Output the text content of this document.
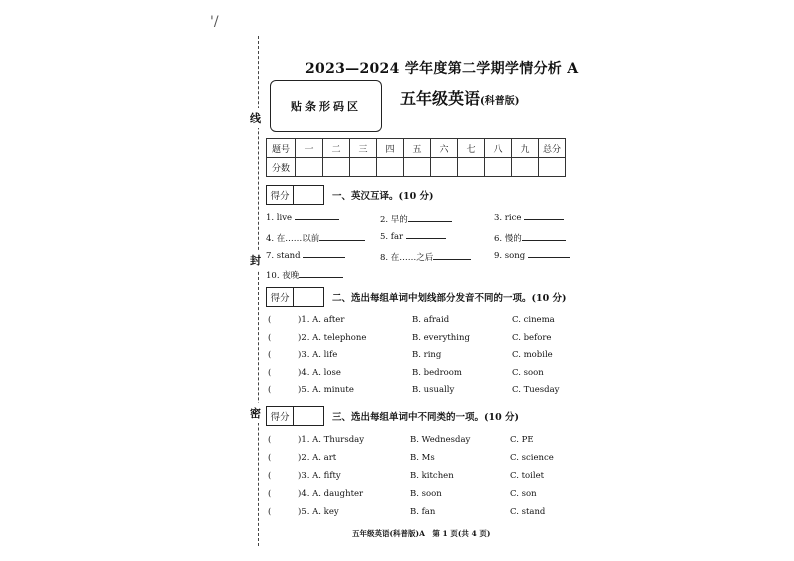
'/
线
封
密
2023—2024 学年度第二学期学情分析 A
贴条形码区	五年级英语(科普版)
题号	一	二	三	四	五	六	七	八	九	总分
分数										
得分	一、英汉互译。(10 分)
1. live	2. 早的	3. rice
4. 在……以前	5. far	6. 慢的
7. stand	8. 在……之后	9. song
10. 夜晚
得分	二、选出每组单词中划线部分发音不同的一项。(10 分)
(	)1. A. after	B. afraid	C. cinema
(	)2. A. telephone	B. everything	C. before
(	)3. A. life	B. ring	C. mobile
(	)4. A. lose	B. bedroom	C. soon
(	)5. A. minute	B. usually	C. Tuesday
得分	三、选出每组单词中不同类的一项。(10 分)
(	)1. A. Thursday	B. Wednesday	C. PE
(	)2. A. art	B. Ms	C. science
(	)3. A. fifty	B. kitchen	C. toilet
(	)4. A. daughter	B. soon	C. son
(	)5. A. key	B. fan	C. stand
五年级英语(科普版)A　第 1 页(共 4 页)
